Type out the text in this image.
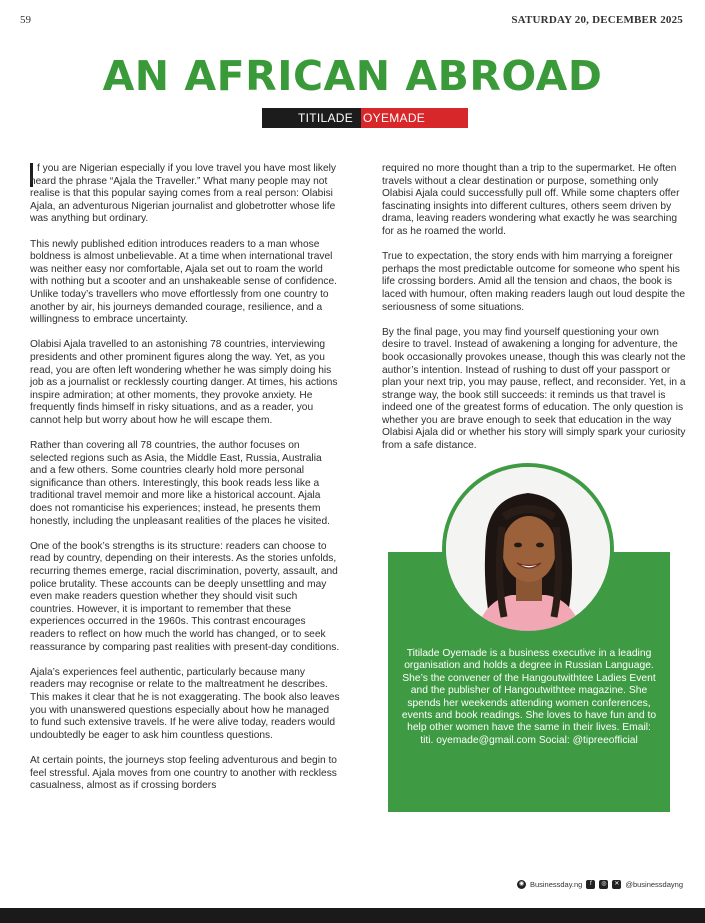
59	SATURDAY 20, DECEMBER 2025
AN AFRICAN ABROAD
TITILADE OYEMADE

f you are Nigerian especially if you love travel you have most likely heard the phrase “Ajala the Traveller.” What many people may not realise is that this popular saying comes from a real person: Olabisi Ajala, an adventurous Nigerian journalist and globetrotter whose life was anything but ordinary.

This newly published edition introduces readers to a man whose boldness is almost unbelievable. At a time when international travel was neither easy nor comfortable, Ajala set out to roam the world with nothing but a scooter and an unshakeable sense of confidence. Unlike today’s travellers who move effortlessly from one country to another by air, his journeys demanded courage, resilience, and a willingness to embrace uncertainty.

Olabisi Ajala travelled to an astonishing 78 countries, interviewing presidents and other prominent figures along the way. Yet, as you read, you are often left wondering whether he was simply doing his job as a journalist or recklessly courting danger. At times, his actions inspire admiration; at other moments, they provoke anxiety. He frequently finds himself in risky situations, and as a reader, you cannot help but worry about how he will escape them.

Rather than covering all 78 countries, the author focuses on selected regions such as Asia, the Middle East, Russia, Australia and a few others. Some countries clearly hold more personal significance than others. Interestingly, this book reads less like a traditional travel memoir and more like a historical account. Ajala does not romanticise his experiences; instead, he presents them honestly, including the unpleasant realities of the places he visited.

One of the book’s strengths is its structure: readers can choose to read by country, depending on their interests. As the stories unfolds, recurring themes emerge, racial discrimination, poverty, assault, and police brutality. These accounts can be deeply unsettling and may even make readers question whether they should visit such countries. However, it is important to remember that these experiences occurred in the 1960s. This contrast encourages readers to reflect on how much the world has changed, or to seek reassurance by comparing past realities with present-day conditions.

Ajala’s experiences feel authentic, particularly because many readers may recognise or relate to the maltreatment he describes. This makes it clear that he is not exaggerating. The book also leaves you with unanswered questions especially about how he managed to fund such extensive travels. If he were alive today, readers would undoubtedly be eager to ask him countless questions.

At certain points, the journeys stop feeling adventurous and begin to feel stressful. Ajala moves from one country to another with reckless casualness, almost as if crossing borders

required no more thought than a trip to the supermarket. He often travels without a clear destination or purpose, something only Olabisi Ajala could successfully pull off. While some chapters offer fascinating insights into different cultures, others seem driven by drama, leaving readers wondering what exactly he was searching for as he roamed the world.

True to expectation, the story ends with him marrying a foreigner perhaps the most predictable outcome for someone who spent his life crossing borders. Amid all the tension and chaos, the book is laced with humour, often making readers laugh out loud despite the seriousness of some situations.

By the final page, you may find yourself questioning your own desire to travel. Instead of awakening a longing for adventure, the book occasionally provokes unease, though this was clearly not the author’s intention. Instead of rushing to dust off your passport or plan your next trip, you may pause, reflect, and reconsider. Yet, in a strange way, the book still succeeds: it reminds us that travel is indeed one of the greatest forms of education. The only question is whether you are brave enough to seek that education in the way Olabisi Ajala did or whether his story will simply spark your curiosity from a safe distance.

Titilade Oyemade is a business executive in a leading organisation and holds a degree in Russian Language. She’s the convener of the Hangoutwithtee Ladies Event and the publisher of Hangoutwithtee magazine. She spends her weekends attending women conferences, events and book readings. She loves to have fun and to help other women have the same in their lives. Email: titi. oyemade@gmail.com Social: @tipreeofficial
◉ Businessday.ng	f	◎	✕ @businessdayng
